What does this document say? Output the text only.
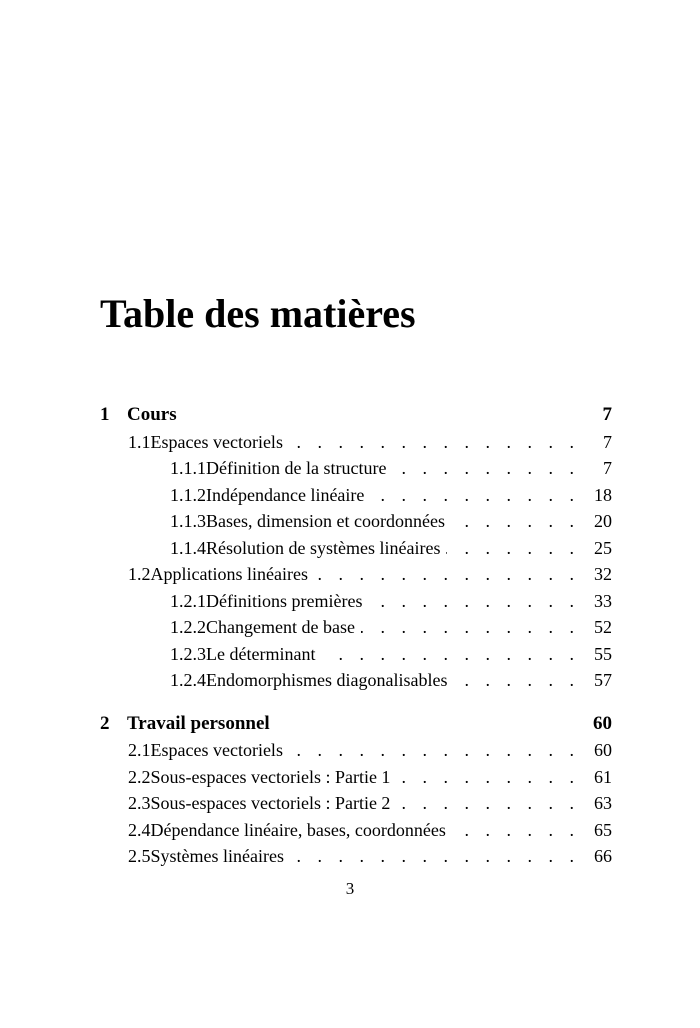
Table des matières
1 Cours	7
1.1 Espaces vectoriels . . .	7
1.1.1 Définition de la structure . . .	7
1.1.2 Indépendance linéaire . . .	18
1.1.3 Bases, dimension et coordonnées . . .	20
1.1.4 Résolution de systèmes linéaires . . .	25
1.2 Applications linéaires . . .	32
1.2.1 Définitions premières . . .	33
1.2.2 Changement de base . . .	52
1.2.3 Le déterminant . . .	55
1.2.4 Endomorphismes diagonalisables . . .	57
2 Travail personnel	60
2.1 Espaces vectoriels . . .	60
2.2 Sous-espaces vectoriels : Partie 1 . . .	61
2.3 Sous-espaces vectoriels : Partie 2 . . .	63
2.4 Dépendance linéaire, bases, coordonnées . . .	65
2.5 Systèmes linéaires . . .	66
3
